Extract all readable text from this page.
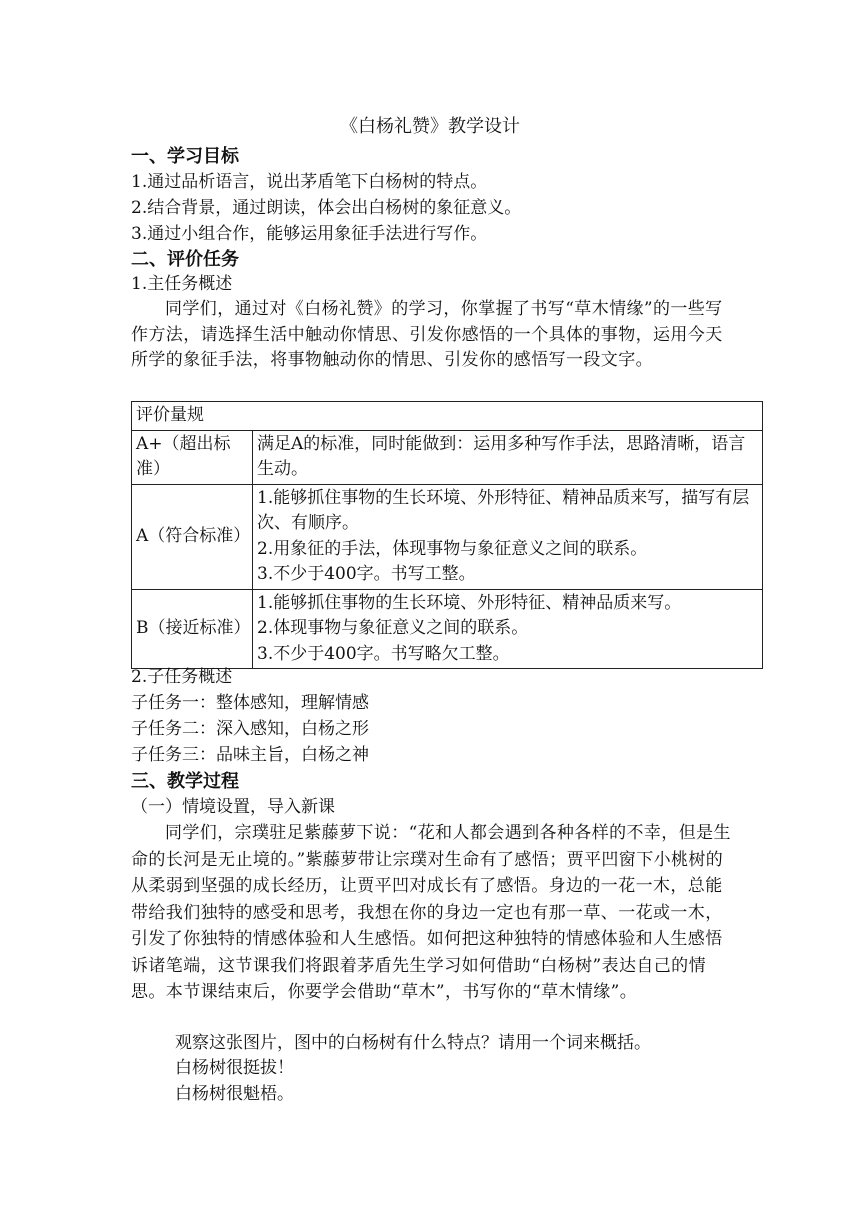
《白杨礼赞》教学设计
一、学习目标
1.通过品析语言，说出茅盾笔下白杨树的特点。
2.结合背景，通过朗读，体会出白杨树的象征意义。
3.通过小组合作，能够运用象征手法进行写作。
二、评价任务
1.主任务概述
同学们，通过对《白杨礼赞》的学习，你掌握了书写“草木情缘”的一些写作方法，请选择生活中触动你情思、引发你感悟的一个具体的事物，运用今天所学的象征手法，将事物触动你的情思、引发你的感悟写一段文字。
评价量规	
A+（超出标准）	满足A的标准，同时能做到：运用多种写作手法，思路清晰，语言生动。

A（符合标准）	1.能够抓住事物的生长环境、外形特征、精神品质来写，描写有层次、有顺序。
2.用象征的手法，体现事物与象征意义之间的联系。
3.不少于400字。书写工整。

B（接近标准）	1.能够抓住事物的生长环境、外形特征、精神品质来写。
2.体现事物与象征意义之间的联系。
3.不少于400字。书写略欠工整。
2.子任务概述
子任务一：整体感知，理解情感
子任务二：深入感知，白杨之形
子任务三：品味主旨，白杨之神
三、教学过程
（一）情境设置，导入新课
同学们，宗璞驻足紫藤萝下说：“花和人都会遇到各种各样的不幸，但是生命的长河是无止境的。”紫藤萝带让宗璞对生命有了感悟；贾平凹窗下小桃树的从柔弱到坚强的成长经历，让贾平凹对成长有了感悟。身边的一花一木，总能带给我们独特的感受和思考，我想在你的身边一定也有那一草、一花或一木，引发了你独特的情感体验和人生感悟。如何把这种独特的情感体验和人生感悟诉诸笔端，这节课我们将跟着茅盾先生学习如何借助“白杨树”表达自己的情思。本节课结束后，你要学会借助“草木”，书写你的“草木情缘”。
观察这张图片，图中的白杨树有什么特点？请用一个词来概括。
白杨树很挺拔！
白杨树很魁梧。
